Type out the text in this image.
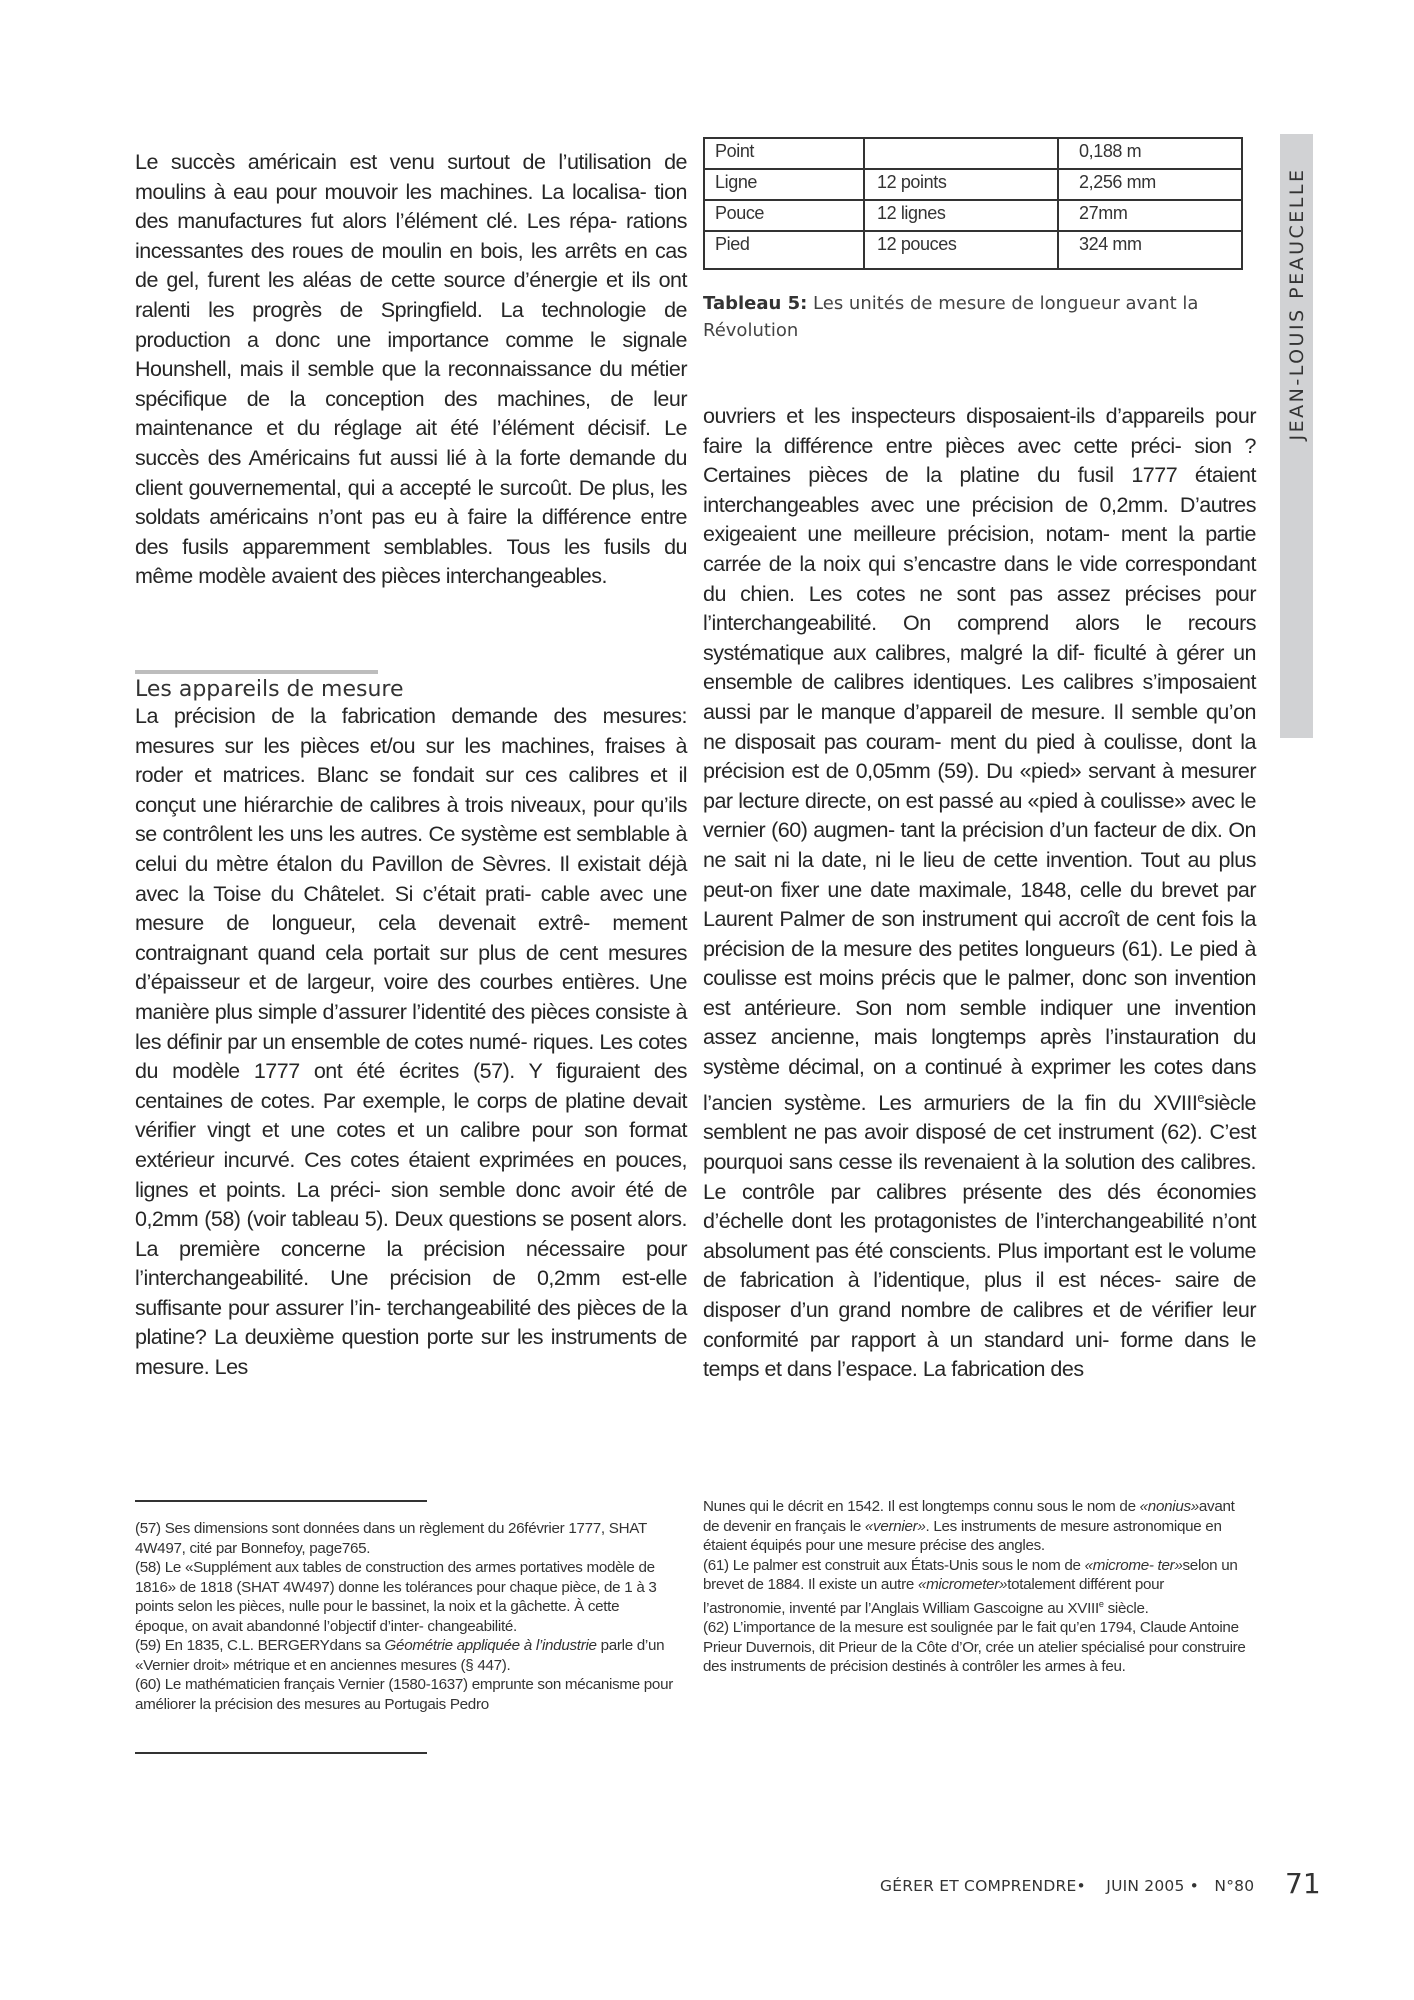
JEAN-LOUIS PEAUCELLE

Le succès américain est venu surtout de l’utilisation de moulins à eau pour mouvoir les machines. La localisa- tion des manufactures fut alors l’élément clé. Les répa- rations incessantes des roues de moulin en bois, les arrêts en cas de gel, furent les aléas de cette source d’énergie et ils ont ralenti les progrès de Springfield. La technologie de production a donc une importance comme le signale Hounshell, mais il semble que la reconnaissance du métier spécifique de la conception des machines, de leur maintenance et du réglage ait été l’élément décisif. Le succès des Américains fut aussi lié à la forte demande du client gouvernemental, qui a accepté le surcoût. De plus, les soldats américains n’ont pas eu à faire la différence entre des fusils apparemment semblables. Tous les fusils du même modèle avaient des pièces interchangeables.

Les appareils de mesure

La précision de la fabrication demande des mesures: mesures sur les pièces et/ou sur les machines, fraises à roder et matrices. Blanc se fondait sur ces calibres et il conçut une hiérarchie de calibres à trois niveaux, pour qu’ils se contrôlent les uns les autres. Ce système est semblable à celui du mètre étalon du Pavillon de Sèvres. Il existait déjà avec la Toise du Châtelet. Si c’était prati- cable avec une mesure de longueur, cela devenait extrê- mement contraignant quand cela portait sur plus de cent mesures d’épaisseur et de largeur, voire des courbes entières. Une manière plus simple d’assurer l’identité des pièces consiste à les définir par un ensemble de cotes numé- riques. Les cotes du modèle 1777 ont été écrites (57). Y figuraient des centaines de cotes. Par exemple, le corps de platine devait vérifier vingt et une cotes et un calibre pour son format extérieur incurvé. Ces cotes étaient exprimées en pouces, lignes et points. La préci- sion semble donc avoir été de 0,2mm (58) (voir tableau 5). Deux questions se posent alors. La première concerne la précision nécessaire pour l’interchangeabilité. Une précision de 0,2mm est-elle suffisante pour assurer l’in- terchangeabilité des pièces de la platine? La deuxième question porte sur les instruments de mesure. Les

Point		0,188 m
Ligne	12 points	2,256 mm
Pouce	12 lignes	27mm
Pied	12 pouces	324 mm
Tableau 5: Les unités de mesure de longueur avant la Révolution

ouvriers et les inspecteurs disposaient-ils d’appareils pour faire la différence entre pièces avec cette préci- sion ? Certaines pièces de la platine du fusil 1777 étaient interchangeables avec une précision de 0,2mm. D’autres exigeaient une meilleure précision, notam- ment la partie carrée de la noix qui s’encastre dans le vide correspondant du chien. Les cotes ne sont pas assez précises pour l’interchangeabilité. On comprend alors le recours systématique aux calibres, malgré la dif- ficulté à gérer un ensemble de calibres identiques. Les calibres s’imposaient aussi par le manque d’appareil de mesure. Il semble qu’on ne disposait pas couram- ment du pied à coulisse, dont la précision est de 0,05mm (59). Du «pied» servant à mesurer par lecture directe, on est passé au «pied à coulisse» avec le vernier (60) augmen- tant la précision d’un facteur de dix. On ne sait ni la date, ni le lieu de cette invention. Tout au plus peut-on fixer une date maximale, 1848, celle du brevet par Laurent Palmer de son instrument qui accroît de cent fois la précision de la mesure des petites longueurs (61). Le pied à coulisse est moins précis que le palmer, donc son invention est antérieure. Son nom semble indiquer une invention assez ancienne, mais longtemps après l’instauration du système décimal, on a continué à exprimer les cotes dans l’ancien système. Les armuriers de la fin du XVIIIesiècle semblent ne pas avoir disposé de cet instrument (62). C’est pourquoi sans cesse ils revenaient à la solution des calibres. Le contrôle par calibres présente des dés économies d’échelle dont les protagonistes de l’interchangeabilité n’ont absolument pas été conscients. Plus important est le volume de fabrication à l’identique, plus il est néces- saire de disposer d’un grand nombre de calibres et de vérifier leur conformité par rapport à un standard uni- forme dans le temps et dans l’espace. La fabrication des

(57) Ses dimensions sont données dans un règlement du 26février 1777, SHAT 4W497, cité par Bonnefoy, page765.

(58) Le «Supplément aux tables de construction des armes portatives modèle de 1816» de 1818 (SHAT 4W497) donne les tolérances pour chaque pièce, de 1 à 3 points selon les pièces, nulle pour le bassinet, la noix et la gâchette. À cette époque, on avait abandonné l’objectif d’inter- changeabilité.

(59) En 1835, C.L. BERGERYdans sa Géométrie appliquée à l’industrie parle d’un «Vernier droit» métrique et en anciennes mesures (§ 447).

(60) Le mathématicien français Vernier (1580-1637) emprunte son mécanisme pour améliorer la précision des mesures au Portugais Pedro

Nunes qui le décrit en 1542. Il est longtemps connu sous le nom de «nonius»avant de devenir en français le «vernier». Les instruments de mesure astronomique en étaient équipés pour une mesure précise des angles.

(61) Le palmer est construit aux États-Unis sous le nom de «microme- ter»selon un brevet de 1884. Il existe un autre «micrometer»totalement différent pour l’astronomie, inventé par l’Anglais William Gascoigne au XVIIIe siècle.

(62) L’importance de la mesure est soulignée par le fait qu’en 1794, Claude Antoine Prieur Duvernois, dit Prieur de la Côte d’Or, crée un atelier spécialisé pour construire des instruments de précision destinés à contrôler les armes à feu.

GÉRER ET COMPRENDRE•    JUIN 2005 •   N°80 71
